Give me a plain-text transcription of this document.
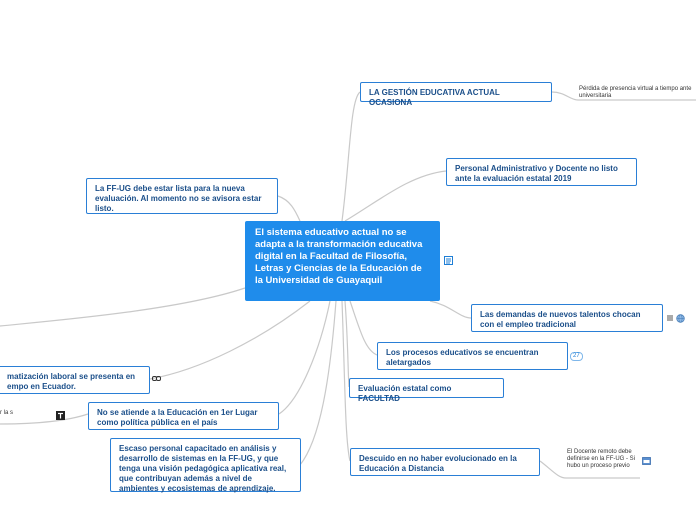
El sistema educativo actual no se adapta a la transformación educativa digital en la Facultad de Filosofía, Letras y Ciencias de la Educación de la Universidad de Guayaquil
LA GESTIÓN EDUCATIVA ACTUAL OCASIONA
Personal Administrativo y Docente no listo ante la evaluación estatal 2019
Las demandas de nuevos talentos chocan con el empleo tradicional
Los procesos educativos se encuentran aletargados
Evaluación estatal como FACULTAD
Descuido en no haber evolucionado en la Educación a Distancia
La FF-UG debe estar lista para la nueva evaluación. Al momento no se avisora estar listo.
matización laboral se presenta en empo en Ecuador.
No se atiende a la Educación en 1er Lugar como política pública en el país
Escaso personal capacitado en análisis y desarrollo de sistemas en la FF-UG, y que tenga una visión pedagógica aplicativa real, que contribuyan además a nivel de ambientes y ecosistemas de aprendizaje.
Pérdida de presencia virtual a tiempo ante universitaria
El Docente remoto debe definirse en la FF-UG - Si hubo un proceso previo
r la s
27
